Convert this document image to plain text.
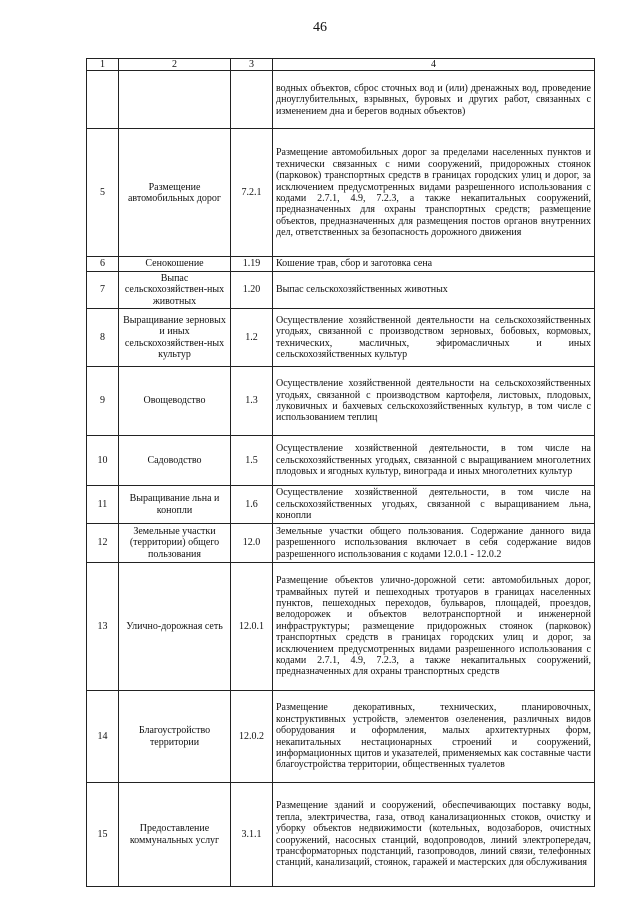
46
1	2	3	4
			водных объектов, сброс сточных вод и (или) дренажных вод, проведение дноуглубительных, взрывных, буровых и других работ, связанных с изменением дна и берегов водных объектов)
5	Размещение автомобильных дорог	7.2.1	Размещение автомобильных дорог за пределами населенных пунктов и технически связанных с ними сооружений, придорожных стоянок (парковок) транспортных средств в границах городских улиц и дорог, за исключением предусмотренных видами разрешенного использования с кодами 2.7.1, 4.9, 7.2.3, а также некапитальных сооружений, предназначенных для охраны транспортных средств; размещение объектов, предназначенных для размещения постов органов внутренних дел, ответственных за безопасность дорожного движения
6	Сенокошение	1.19	Кошение трав, сбор и заготовка сена
7	Выпас сельскохозяйствен-ных животных	1.20	Выпас сельскохозяйственных животных
8	Выращивание зерновых и иных сельскохозяйствен-ных культур	1.2	Осуществление хозяйственной деятельности на сельскохозяйственных угодьях, связанной с производством зерновых, бобовых, кормовых, технических, масличных, эфиромасличных и иных сельскохозяйственных культур
9	Овощеводство	1.3	Осуществление хозяйственной деятельности на сельскохозяйственных угодьях, связанной с производством картофеля, листовых, плодовых, луковичных и бахчевых сельскохозяйственных культур, в том числе с использованием теплиц
10	Садоводство	1.5	Осуществление хозяйственной деятельности, в том числе на сельскохозяйственных угодьях, связанной с выращиванием многолетних плодовых и ягодных культур, винограда и иных многолетних культур
11	Выращивание льна и конопли	1.6	Осуществление хозяйственной деятельности, в том числе на сельскохозяйственных угодьях, связанной с выращиванием льна, конопли
12	Земельные участки (территории) общего пользования	12.0	Земельные участки общего пользования. Содержание данного вида разрешенного использования включает в себя содержание видов разрешенного использования с кодами 12.0.1 - 12.0.2
13	Улично-дорожная сеть	12.0.1	Размещение объектов улично-дорожной сети: автомобильных дорог, трамвайных путей и пешеходных тротуаров в границах населенных пунктов, пешеходных переходов, бульваров, площадей, проездов, велодорожек и объектов велотранспортной и инженерной инфраструктуры; размещение придорожных стоянок (парковок) транспортных средств в границах городских улиц и дорог, за исключением предусмотренных видами разрешенного использования с кодами 2.7.1, 4.9, 7.2.3, а также некапитальных сооружений, предназначенных для охраны транспортных средств
14	Благоустройство территории	12.0.2	Размещение декоративных, технических, планировочных, конструктивных устройств, элементов озеленения, различных видов оборудования и оформления, малых архитектурных форм, некапитальных нестационарных строений и сооружений, информационных щитов и указателей, применяемых как составные части благоустройства территории, общественных туалетов
15	Предоставление коммунальных услуг	3.1.1	Размещение зданий и сооружений, обеспечивающих поставку воды, тепла, электричества, газа, отвод канализационных стоков, очистку и уборку объектов недвижимости (котельных, водозаборов, очистных сооружений, насосных станций, водопроводов, линий электропередач, трансформаторных подстанций, газопроводов, линий связи, телефонных станций, канализаций, стоянок, гаражей и мастерских для обслуживания
